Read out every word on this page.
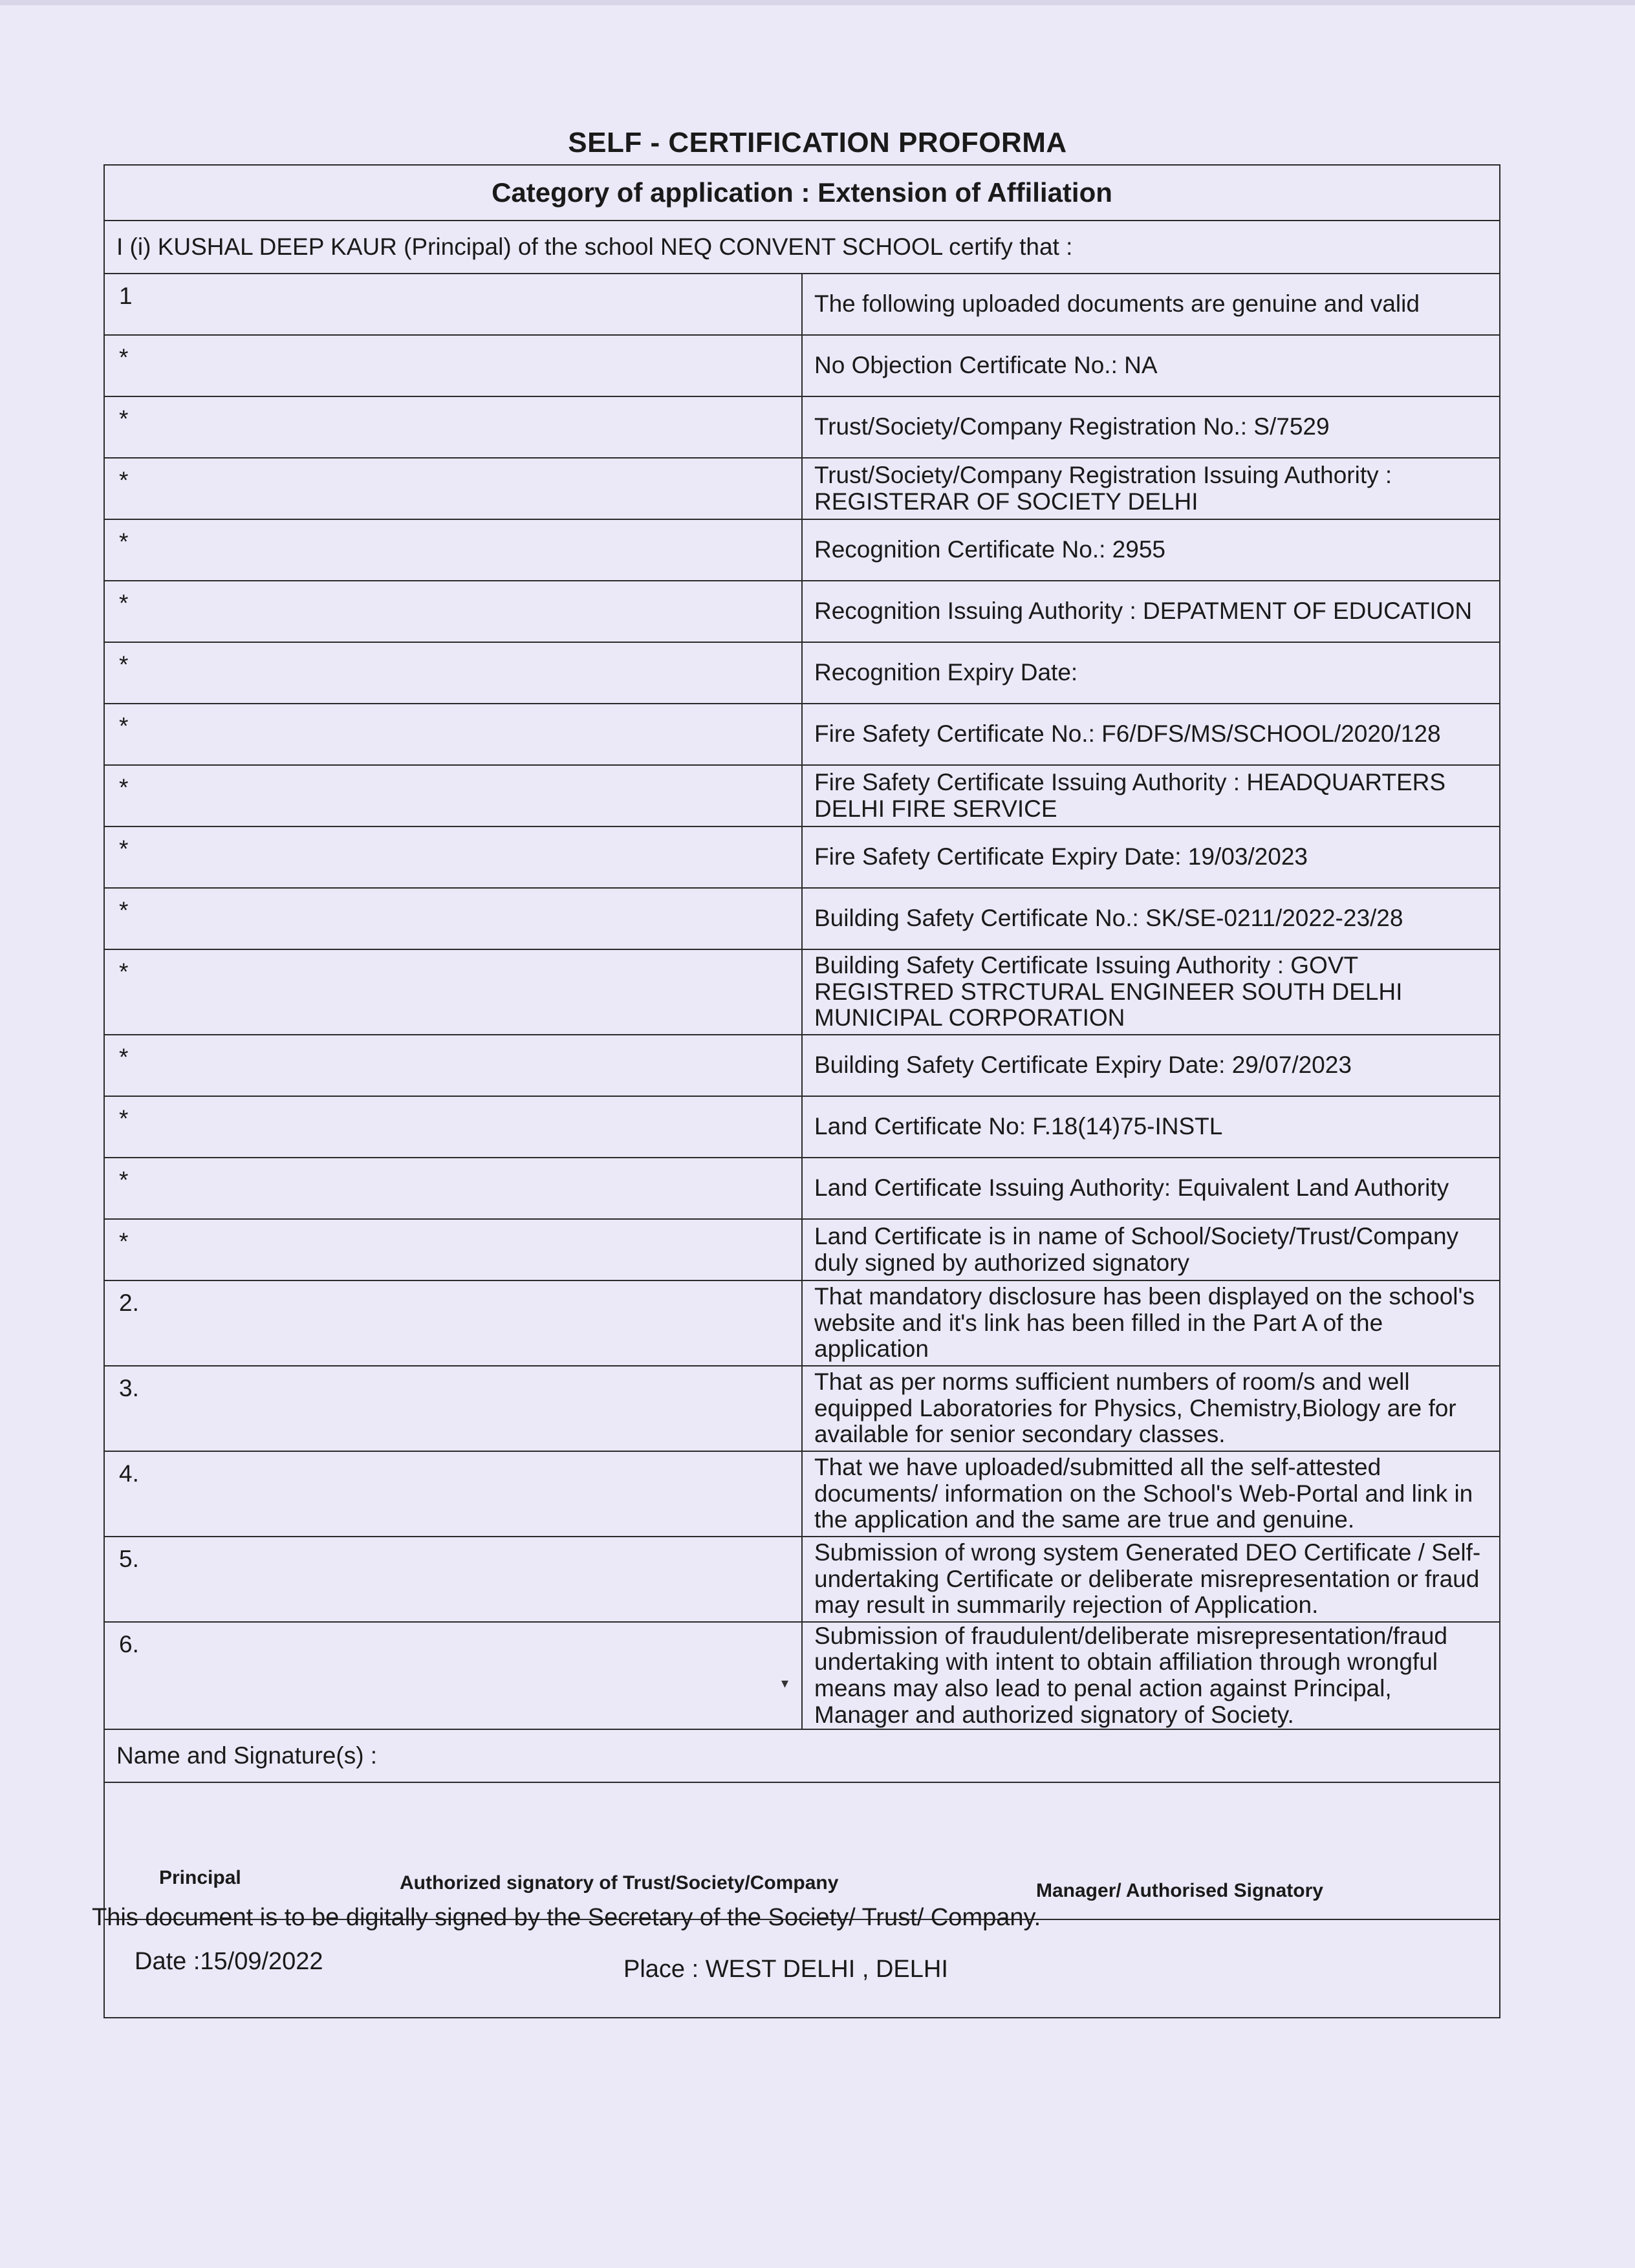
SELF - CERTIFICATION PROFORMA
Category of application : Extension of Affiliation	
I (i) KUSHAL DEEP KAUR (Principal) of the school NEQ CONVENT SCHOOL certify that :	
1	The following uploaded documents are genuine and valid
*	No Objection Certificate No.: NA
*	Trust/Society/Company Registration No.: S/7529
*	Trust/Society/Company Registration Issuing Authority : REGISTERAR OF SOCIETY DELHI
*	Recognition Certificate No.: 2955
*	Recognition Issuing Authority : DEPATMENT OF EDUCATION
*	Recognition Expiry Date:
*	Fire Safety Certificate No.: F6/DFS/MS/SCHOOL/2020/128
*	Fire Safety Certificate Issuing Authority : HEADQUARTERS DELHI FIRE SERVICE
*	Fire Safety Certificate Expiry Date: 19/03/2023
*	Building Safety Certificate No.: SK/SE-0211/2022-23/28
*	Building Safety Certificate Issuing Authority : GOVT REGISTRED STRCTURAL ENGINEER SOUTH DELHI MUNICIPAL CORPORATION
*	Building Safety Certificate Expiry Date: 29/07/2023
*	Land Certificate No: F.18(14)75-INSTL
*	Land Certificate Issuing Authority: Equivalent Land Authority
*	Land Certificate is in name of School/Society/Trust/Company duly signed by authorized signatory
2.	That mandatory disclosure has been displayed on the school's website and it's link has been filled in the Part A of the application
3.	That as per norms sufficient numbers of room/s and well equipped Laboratories for Physics, Chemistry,Biology are for available for senior secondary classes.
4.	That we have uploaded/submitted all the self-attested documents/ information on the School's Web-Portal and link in the application and the same are true and genuine.
5.	Submission of wrong system Generated DEO Certificate / Self-undertaking Certificate or deliberate misrepresentation or fraud may result in summarily rejection of Application.
6.	Submission of fraudulent/deliberate misrepresentation/fraud undertaking with intent to obtain affiliation through wrongful means may also lead to penal action against Principal, Manager and authorized signatory of Society.
Name and Signature(s) :	

Principal Authorized signatory of Trust/Society/Company Manager/ Authorised Signatory	

Date :15/09/2022 Place : WEST DELHI , DELHI	
This document is to be digitally signed by the Secretary of the Society/ Trust/ Company.
▾
